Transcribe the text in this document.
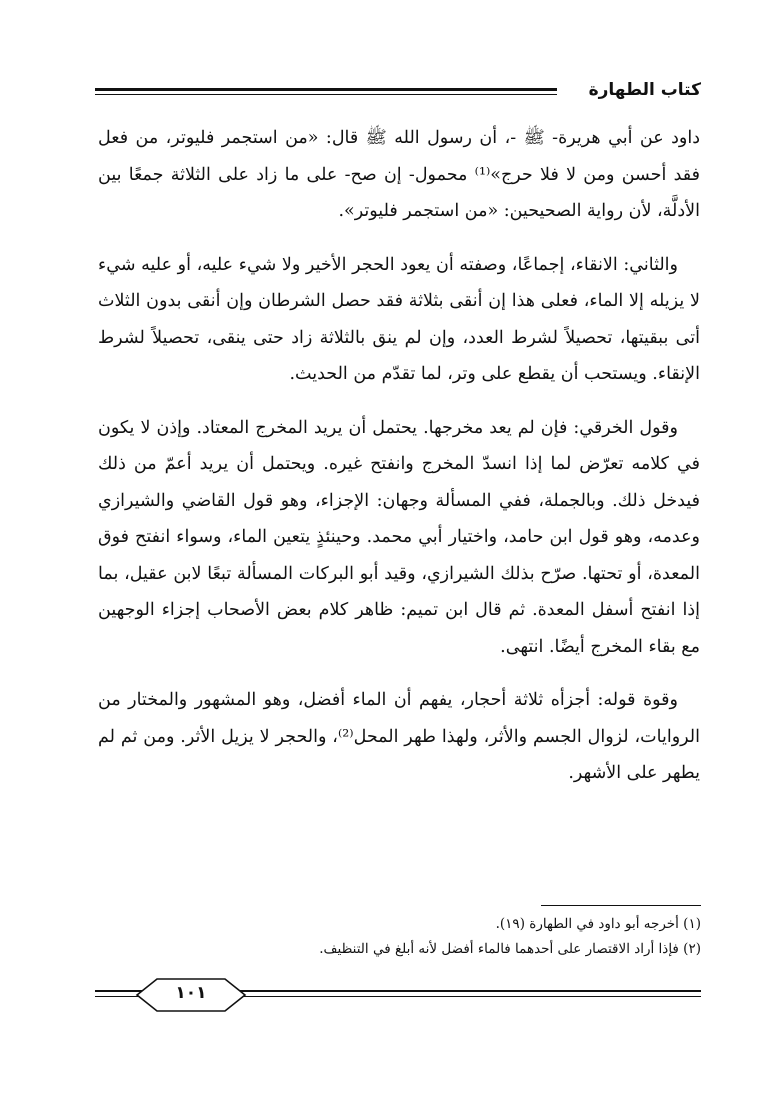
كتاب الطهارة

داود عن أبي هريرة- ﷺ -، أن رسول الله ﷺ قال: «من استجمر فليوتر، من فعل فقد أحسن ومن لا فلا حرج»⁽¹⁾ محمول- إن صح- على ما زاد على الثلاثة جمعًا بين الأدلَّة، لأن رواية الصحيحين: «من استجمر فليوتر».

والثاني: الانقاء، إجماعًا، وصفته أن يعود الحجر الأخير ولا شيء عليه، أو عليه شيء لا يزيله إلا الماء، فعلى هذا إن أنقى بثلاثة فقد حصل الشرطان وإن أنقى بدون الثلاث أتى ببقيتها، تحصيلاً لشرط العدد، وإن لم ينق بالثلاثة زاد حتى ينقى، تحصيلاً لشرط الإنقاء. ويستحب أن يقطع على وتر، لما تقدّم من الحديث.

وقول الخرقي: فإن لم يعد مخرجها. يحتمل أن يريد المخرج المعتاد. وإذن لا يكون في كلامه تعرّض لما إذا انسدّ المخرج وانفتح غيره. ويحتمل أن يريد أعمّ من ذلك فيدخل ذلك. وبالجملة، ففي المسألة وجهان: الإجزاء، وهو قول القاضي والشيرازي وعدمه، وهو قول ابن حامد، واختيار أبي محمد. وحينئذٍ يتعين الماء، وسواء انفتح فوق المعدة، أو تحتها. صرّح بذلك الشيرازي، وقيد أبو البركات المسألة تبعًا لابن عقيل، بما إذا انفتح أسفل المعدة. ثم قال ابن تميم: ظاهر كلام بعض الأصحاب إجزاء الوجهين مع بقاء المخرج أيضًا. انتهى.

وقوة قوله: أجزأه ثلاثة أحجار، يفهم أن الماء أفضل، وهو المشهور والمختار من الروايات، لزوال الجسم والأثر، ولهذا طهر المحل⁽²⁾، والحجر لا يزيل الأثر. ومن ثم لم يطهر على الأشهر.

(١) أخرجه أبو داود في الطهارة (١٩).

(٢) فإذا أراد الاقتصار على أحدهما فالماء أفضل لأنه أبلغ في التنظيف.

١٠١
